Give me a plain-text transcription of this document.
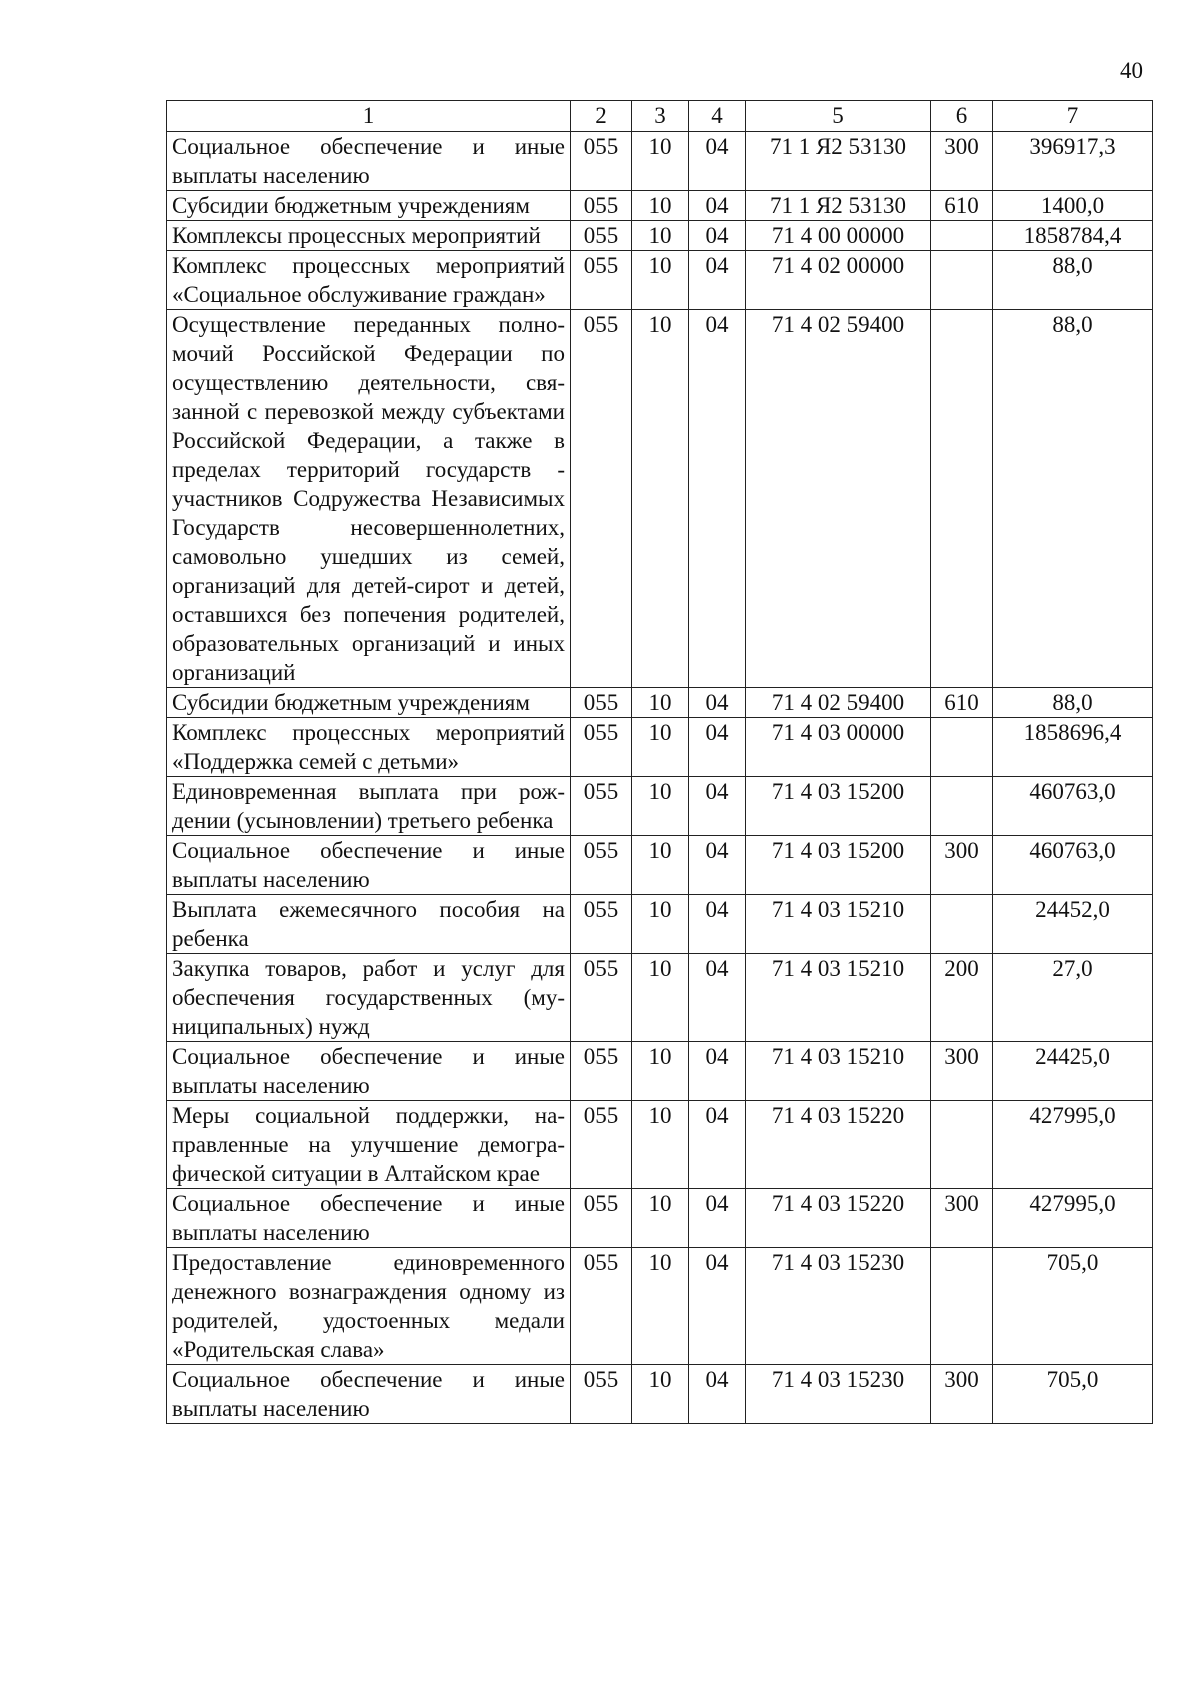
40
1	2	3	4	5	6	7
Социальное обеспечение и иные выплаты населению	055	10	04	71 1 Я2 53130	300	396917,3
Субсидии бюджетным учреждениям	055	10	04	71 1 Я2 53130	610	1400,0
Комплексы процессных мероприятий	055	10	04	71 4 00 00000		1858784,4
Комплекс процессных мероприятий «Социальное обслуживание граждан»	055	10	04	71 4 02 00000		88,0
Осуществление переданных полномочий Российской Федерации по осуществлению деятельности, связанной с перевозкой между субъектами Российской Федерации, а также в пределах территорий государств - участников Содружества Независимых Государств несовершеннолетних, самовольно ушедших из семей, организаций для детей-сирот и детей, оставшихся без попечения родителей, образовательных организаций и иных организаций	055	10	04	71 4 02 59400		88,0
Субсидии бюджетным учреждениям	055	10	04	71 4 02 59400	610	88,0
Комплекс процессных мероприятий «Поддержка семей с детьми»	055	10	04	71 4 03 00000		1858696,4
Единовременная выплата при рождении (усыновлении) третьего ребенка	055	10	04	71 4 03 15200		460763,0
Социальное обеспечение и иные выплаты населению	055	10	04	71 4 03 15200	300	460763,0
Выплата ежемесячного пособия на ребенка	055	10	04	71 4 03 15210		24452,0
Закупка товаров, работ и услуг для обеспечения государственных (муниципальных) нужд	055	10	04	71 4 03 15210	200	27,0
Социальное обеспечение и иные выплаты населению	055	10	04	71 4 03 15210	300	24425,0
Меры социальной поддержки, направленные на улучшение демографической ситуации в Алтайском крае	055	10	04	71 4 03 15220		427995,0
Социальное обеспечение и иные выплаты населению	055	10	04	71 4 03 15220	300	427995,0
Предоставление единовременного денежного вознаграждения одному из родителей, удостоенных медали «Родительская слава»	055	10	04	71 4 03 15230		705,0
Социальное обеспечение и иные выплаты населению	055	10	04	71 4 03 15230	300	705,0
